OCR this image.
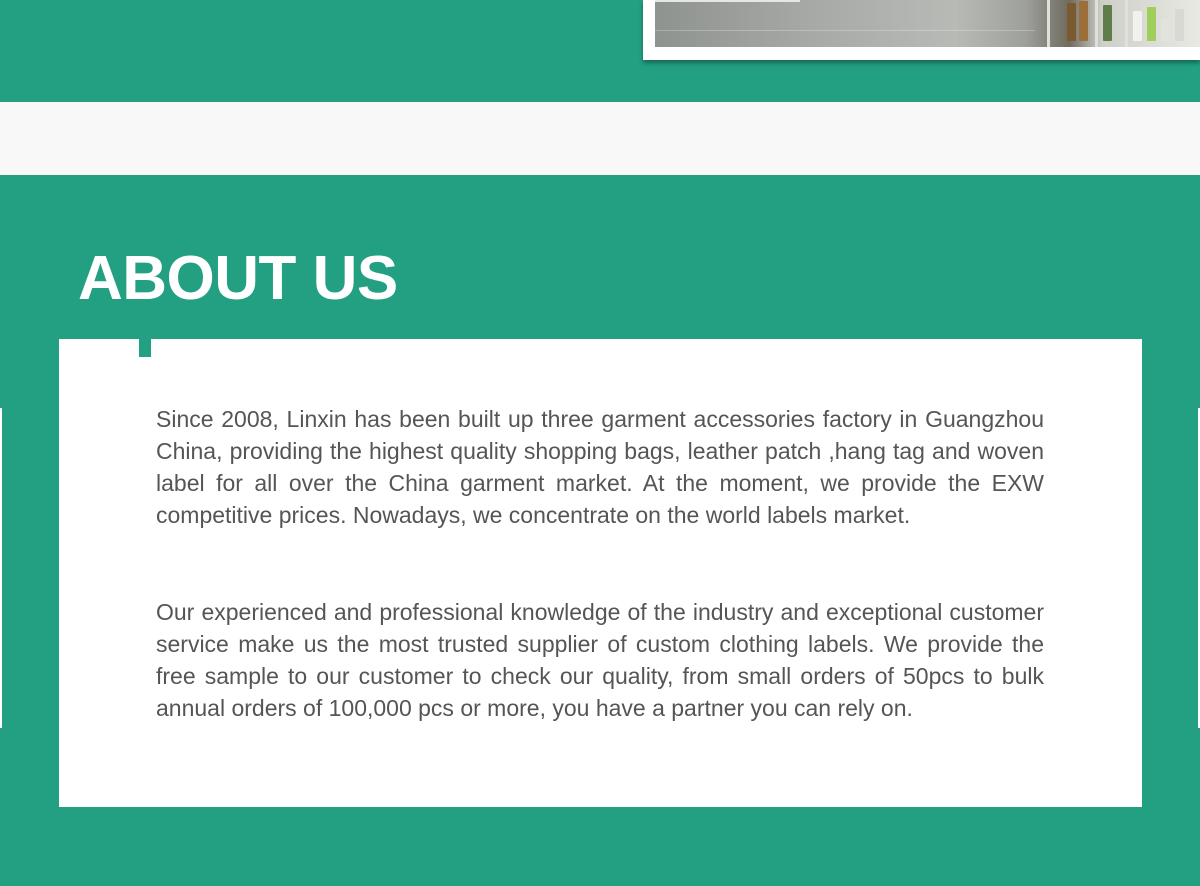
ABOUT US

Since 2008, Linxin has been built up three garment accessories factory in Guangzhou China, providing the highest quality shopping bags, leather patch ,hang tag and woven label for all over the China garment market. At the moment, we provide the EXW competitive prices. Nowadays, we concentrate on the world labels market.

Our experienced and professional knowledge of the industry and exceptional customer service make us the most trusted supplier of custom clothing labels. We provide the free sample to our customer to check our quality, from small orders of 50pcs to bulk annual orders of 100,000 pcs or more, you have a partner you can rely on.
